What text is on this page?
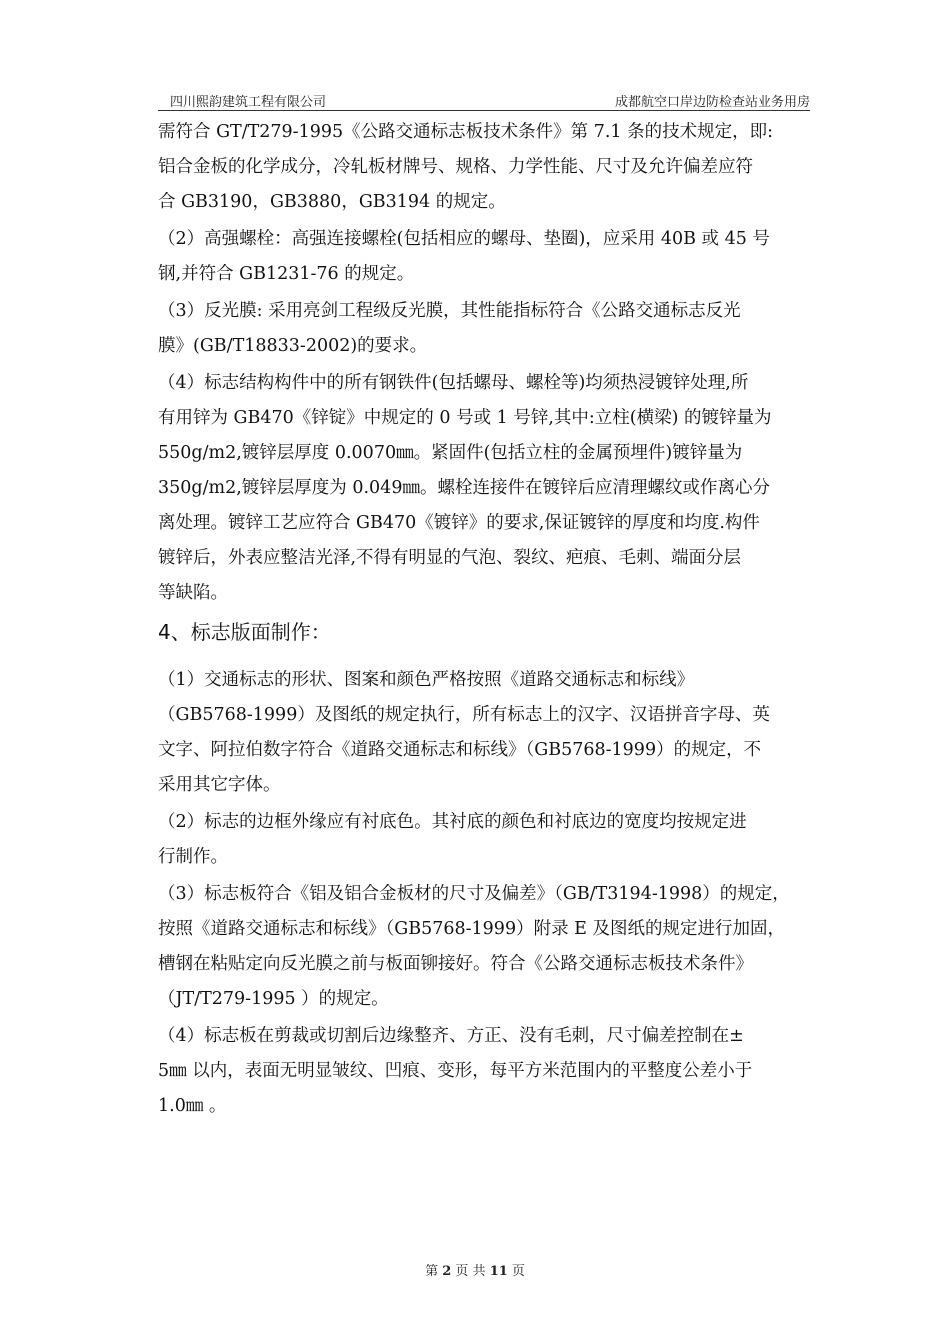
四川熙韵建筑工程有限公司	成都航空口岸边防检查站业务用房
需符合 GT/T279-1995《公路交通标志板技术条件》第 7.1 条的技术规定，即:
铝合金板的化学成分，冷轧板材牌号、规格、力学性能、尺寸及允许偏差应符
合 GB3190，GB3880，GB3194 的规定。
（2）高强螺栓：高强连接螺栓(包括相应的螺母、垫圈)，应采用 40B 或 45 号
钢,并符合 GB1231-76 的规定。
（3）反光膜: 采用亮剑工程级反光膜，其性能指标符合《公路交通标志反光
膜》(GB/T18833-2002)的要求。
（4）标志结构构件中的所有钢铁件(包括螺母、螺栓等)均须热浸镀锌处理,所
有用锌为 GB470《锌锭》中规定的 0 号或 1 号锌,其中:立柱(横梁) 的镀锌量为
550g/m2,镀锌层厚度 0.0070㎜。紧固件(包括立柱的金属预埋件)镀锌量为
350g/m2,镀锌层厚度为 0.049㎜。螺栓连接件在镀锌后应清理螺纹或作离心分
离处理。镀锌工艺应符合 GB470《镀锌》的要求,保证镀锌的厚度和均度.构件
镀锌后，外表应整洁光泽,不得有明显的气泡、裂纹、疤痕、毛刺、端面分层
等缺陷。
4、标志版面制作：
（1）交通标志的形状、图案和颜色严格按照《道路交通标志和标线》
（GB5768-1999）及图纸的规定执行，所有标志上的汉字、汉语拼音字母、英
文字、阿拉伯数字符合《道路交通标志和标线》（GB5768-1999）的规定，不
采用其它字体。
（2）标志的边框外缘应有衬底色。其衬底的颜色和衬底边的宽度均按规定进
行制作。
（3）标志板符合《铝及铝合金板材的尺寸及偏差》（GB/T3194-1998）的规定，
按照《道路交通标志和标线》（GB5768-1999）附录 E 及图纸的规定进行加固，
槽钢在粘贴定向反光膜之前与板面铆接好。符合《公路交通标志板技术条件》
（JT/T279-1995 ）的规定。
（4）标志板在剪裁或切割后边缘整齐、方正、没有毛刺，尺寸偏差控制在±
5㎜ 以内，表面无明显皱纹、凹痕、变形，每平方米范围内的平整度公差小于
1.0㎜ 。
第 2 页 共 11 页
